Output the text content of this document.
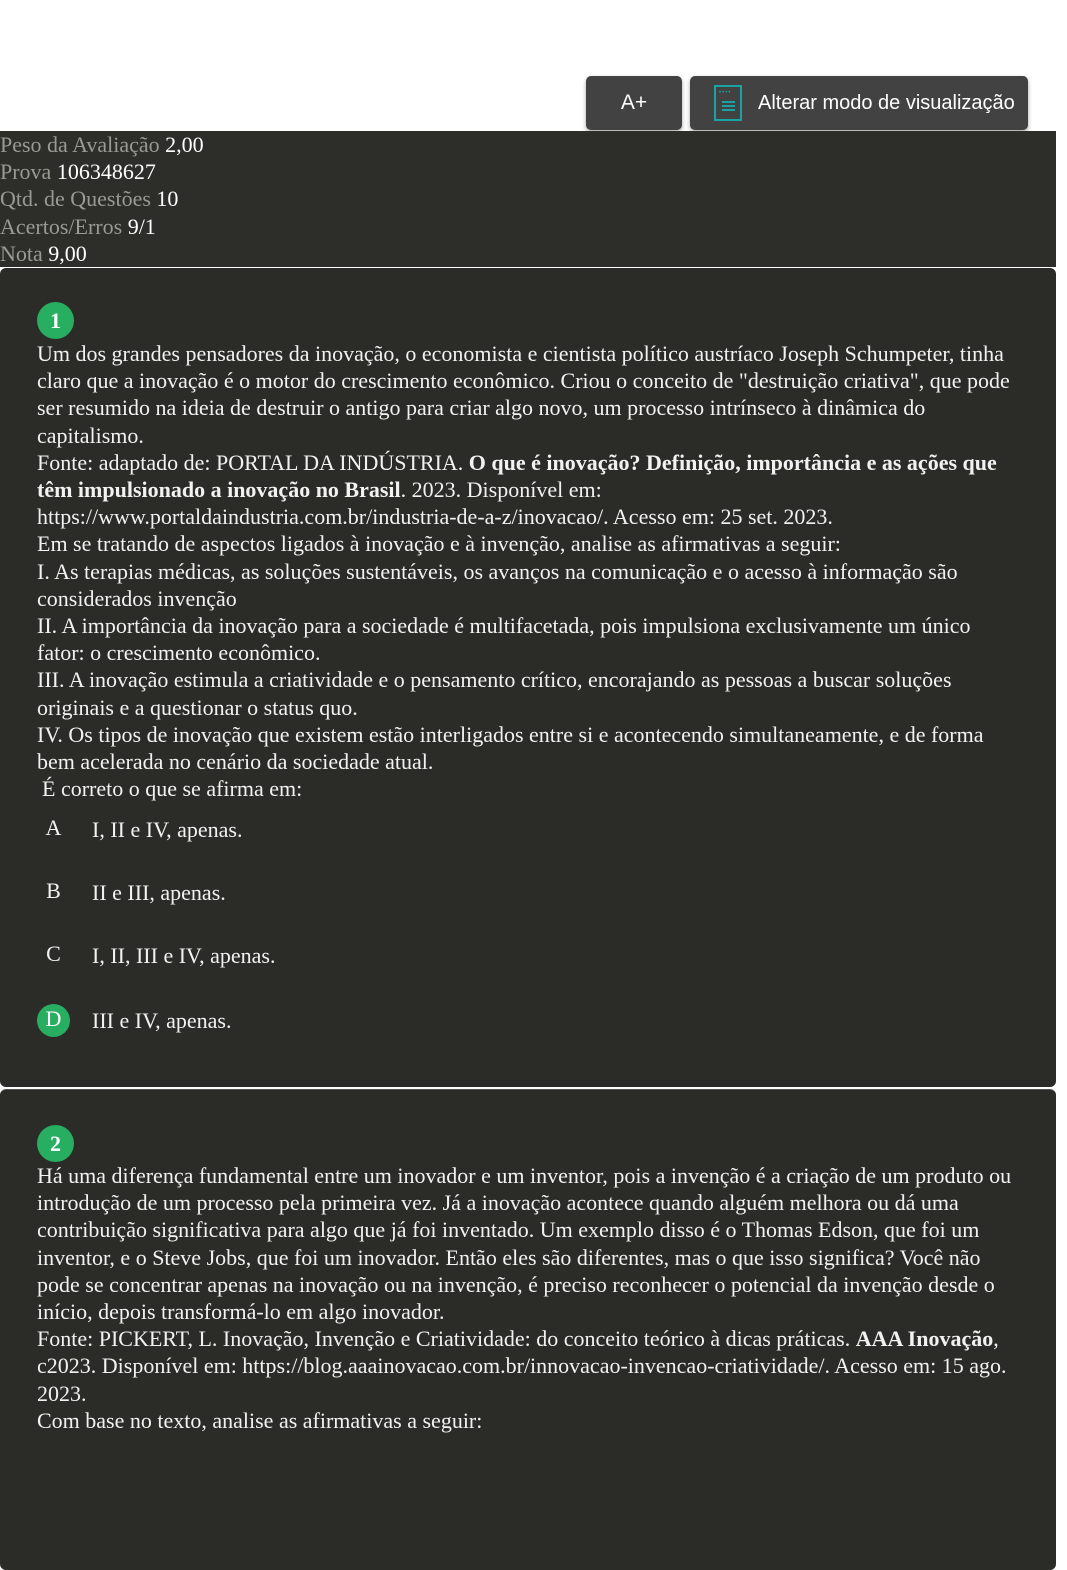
A+	•••• Alterar modo de visualização
Peso da Avaliação 2,00
Prova 106348627
Qtd. de Questões 10
Acertos/Erros 9/1
Nota 9,00
1
Um dos grandes pensadores da inovação, o economista e cientista político austríaco Joseph Schumpeter, tinha claro que a inovação é o motor do crescimento econômico. Criou o conceito de "destruição criativa", que pode ser resumido na ideia de destruir o antigo para criar algo novo, um processo intrínseco à dinâmica do capitalismo.
Fonte: adaptado de: PORTAL DA INDÚSTRIA. O que é inovação? Definição, importância e as ações que têm impulsionado a inovação no Brasil. 2023. Disponível em: https://www.portaldaindustria.com.br/industria-de-a-z/inovacao/. Acesso em: 25 set. 2023.
Em se tratando de aspectos ligados à inovação e à invenção, analise as afirmativas a seguir:
I. As terapias médicas, as soluções sustentáveis, os avanços na comunicação e o acesso à informação são considerados invenção
II. A importância da inovação para a sociedade é multifacetada, pois impulsiona exclusivamente um único fator: o crescimento econômico.
III. A inovação estimula a criatividade e o pensamento crítico, encorajando as pessoas a buscar soluções originais e a questionar o status quo.
IV. Os tipos de inovação que existem estão interligados entre si e acontecendo simultaneamente, e de forma bem acelerada no cenário da sociedade atual.
É correto o que se afirma em:
A	I, II e IV, apenas.
B	II e III, apenas.
C	I, II, III e IV, apenas.
D	III e IV, apenas.
2
Há uma diferença fundamental entre um inovador e um inventor, pois a invenção é a criação de um produto ou introdução de um processo pela primeira vez. Já a inovação acontece quando alguém melhora ou dá uma contribuição significativa para algo que já foi inventado. Um exemplo disso é o Thomas Edson, que foi um inventor, e o Steve Jobs, que foi um inovador. Então eles são diferentes, mas o que isso significa? Você não pode se concentrar apenas na inovação ou na invenção, é preciso reconhecer o potencial da invenção desde o início, depois transformá-lo em algo inovador.
Fonte: PICKERT, L. Inovação, Invenção e Criatividade: do conceito teórico à dicas práticas. AAA Inovação, c2023. Disponível em: https://blog.aaainovacao.com.br/innovacao-invencao-criatividade/. Acesso em: 15 ago. 2023.
Com base no texto, analise as afirmativas a seguir:
